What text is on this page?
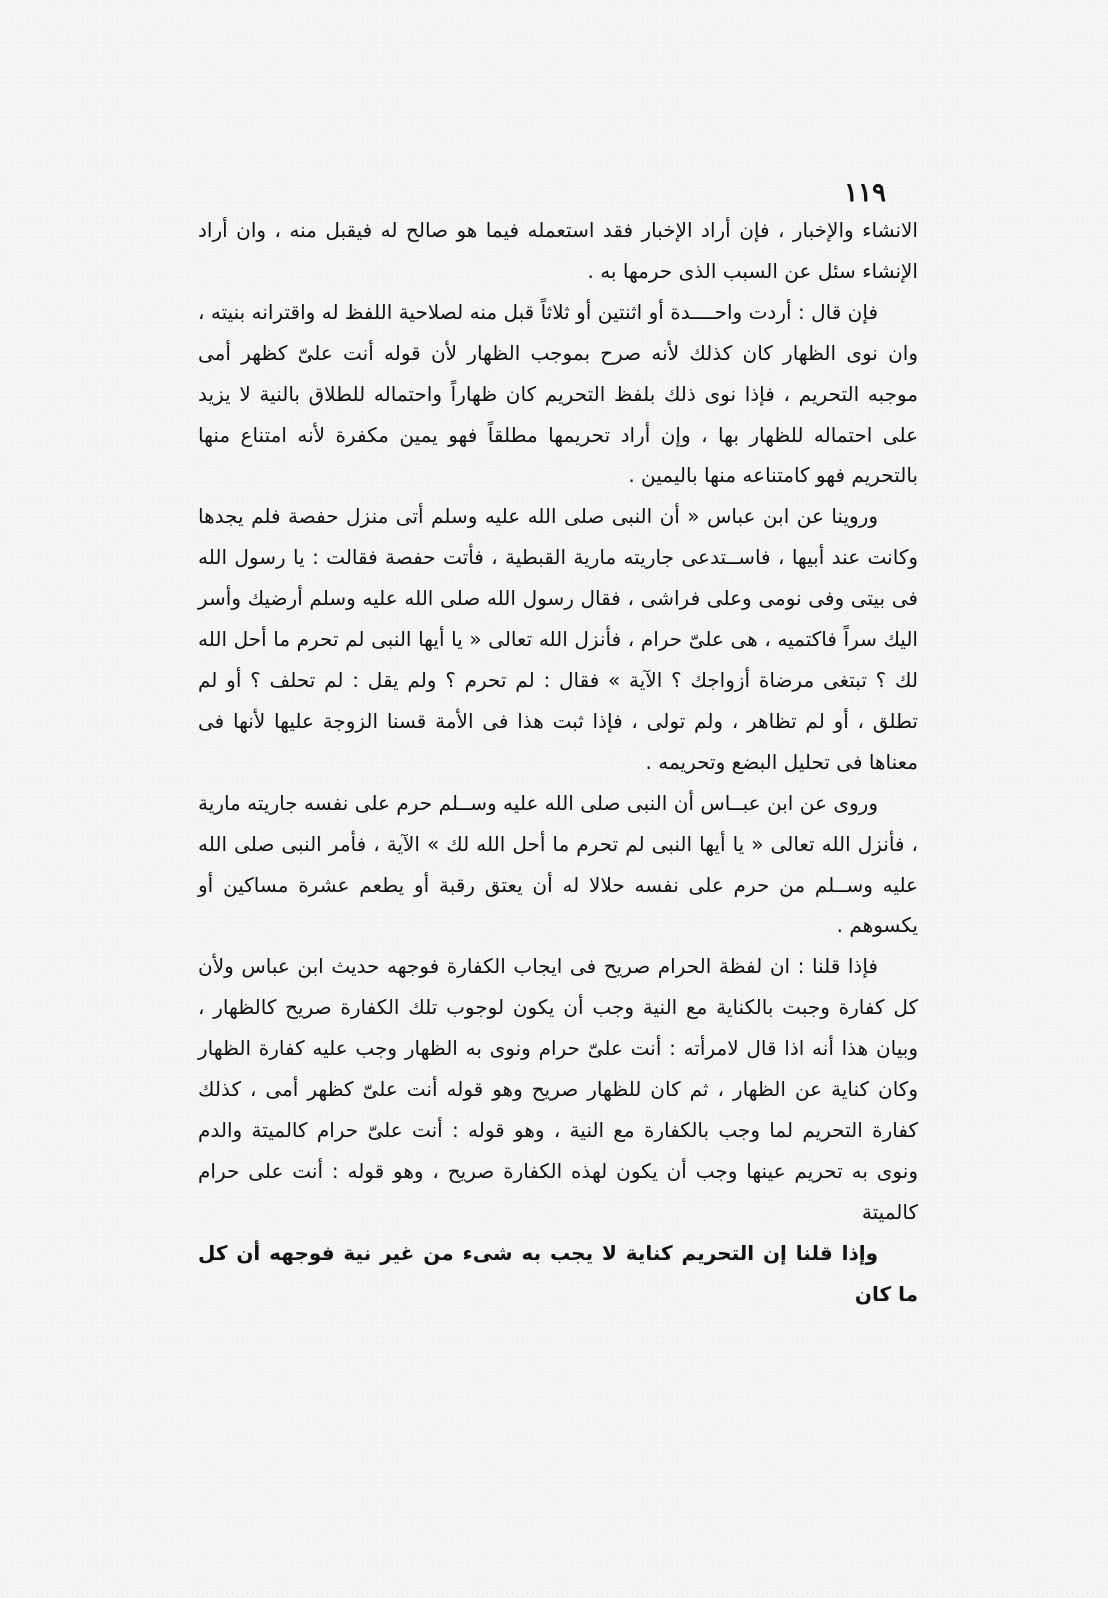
١١٩

الانشاء والإخبار ، فإن أراد الإخبار فقد استعمله فيما هو صالح له فيقبل منه ، وان أراد الإنشاء سئل عن السبب الذى حرمها به .

فإن قال : أردت واحــــدة أو اثنتين أو ثلاثاً قبل منه لصلاحية اللفظ له واقترانه بنيته ، وان نوى الظهار كان كذلك لأنه صرح بموجب الظهار لأن قوله أنت علىّ كظهر أمى موجبه التحريم ، فإذا نوى ذلك بلفظ التحريم كان ظهاراً واحتماله للطلاق بالنية لا يزيد على احتماله للظهار بها ، وإن أراد تحريمها مطلقاً فهو يمين مكفرة لأنه امتناع منها بالتحريم فهو كامتناعه منها باليمين .

وروينا عن ابن عباس « أن النبى صلى الله عليه وسلم أتى منزل حفصة فلم يجدها وكانت عند أبيها ، فاســتدعى جاريته مارية القبطية ، فأتت حفصة فقالت : يا رسول الله فى بيتى وفى نومى وعلى فراشى ، فقال رسول الله صلى الله عليه وسلم أرضيك وأسر اليك سراً فاكتميه ، هى علىّ حرام ، فأنزل الله تعالى « يا أيها النبى لم تحرم ما أحل الله لك ؟ تبتغى مرضاة أزواجك ؟ الآية » فقال : لم تحرم ؟ ولم يقل : لم تحلف ؟ أو لم تطلق ، أو لم تظاهر ، ولم تولى ، فإذا ثبت هذا فى الأمة قسنا الزوجة عليها لأنها فى معناها فى تحليل البضع وتحريمه .

وروى عن ابن عبــاس أن النبى صلى الله عليه وســلم حرم على نفسه جاريته مارية ، فأنزل الله تعالى « يا أيها النبى لم تحرم ما أحل الله لك » الآية ، فأمر النبى صلى الله عليه وســلم من حرم على نفسه حلالا له أن يعتق رقبة أو يطعم عشرة مساكين أو يكسوهم .

فإذا قلنا : ان لفظة الحرام صريح فى ايجاب الكفارة فوجهه حديث ابن عباس ولأن كل كفارة وجبت بالكناية مع النية وجب أن يكون لوجوب تلك الكفارة صريح كالظهار ، وبيان هذا أنه اذا قال لامرأته : أنت علىّ حرام ونوى به الظهار وجب عليه كفارة الظهار وكان كناية عن الظهار ، ثم كان للظهار صريح وهو قوله أنت علىّ كظهر أمى ، كذلك كفارة التحريم لما وجب بالكفارة مع النية ، وهو قوله : أنت علىّ حرام كالميتة والدم ونوى به تحريم عينها وجب أن يكون لهذه الكفارة صريح ، وهو قوله : أنت على حرام كالميتة

وإذا قلنا إن التحريم كناية لا يجب به شىء من غير نية فوجهه أن كل ما كان
